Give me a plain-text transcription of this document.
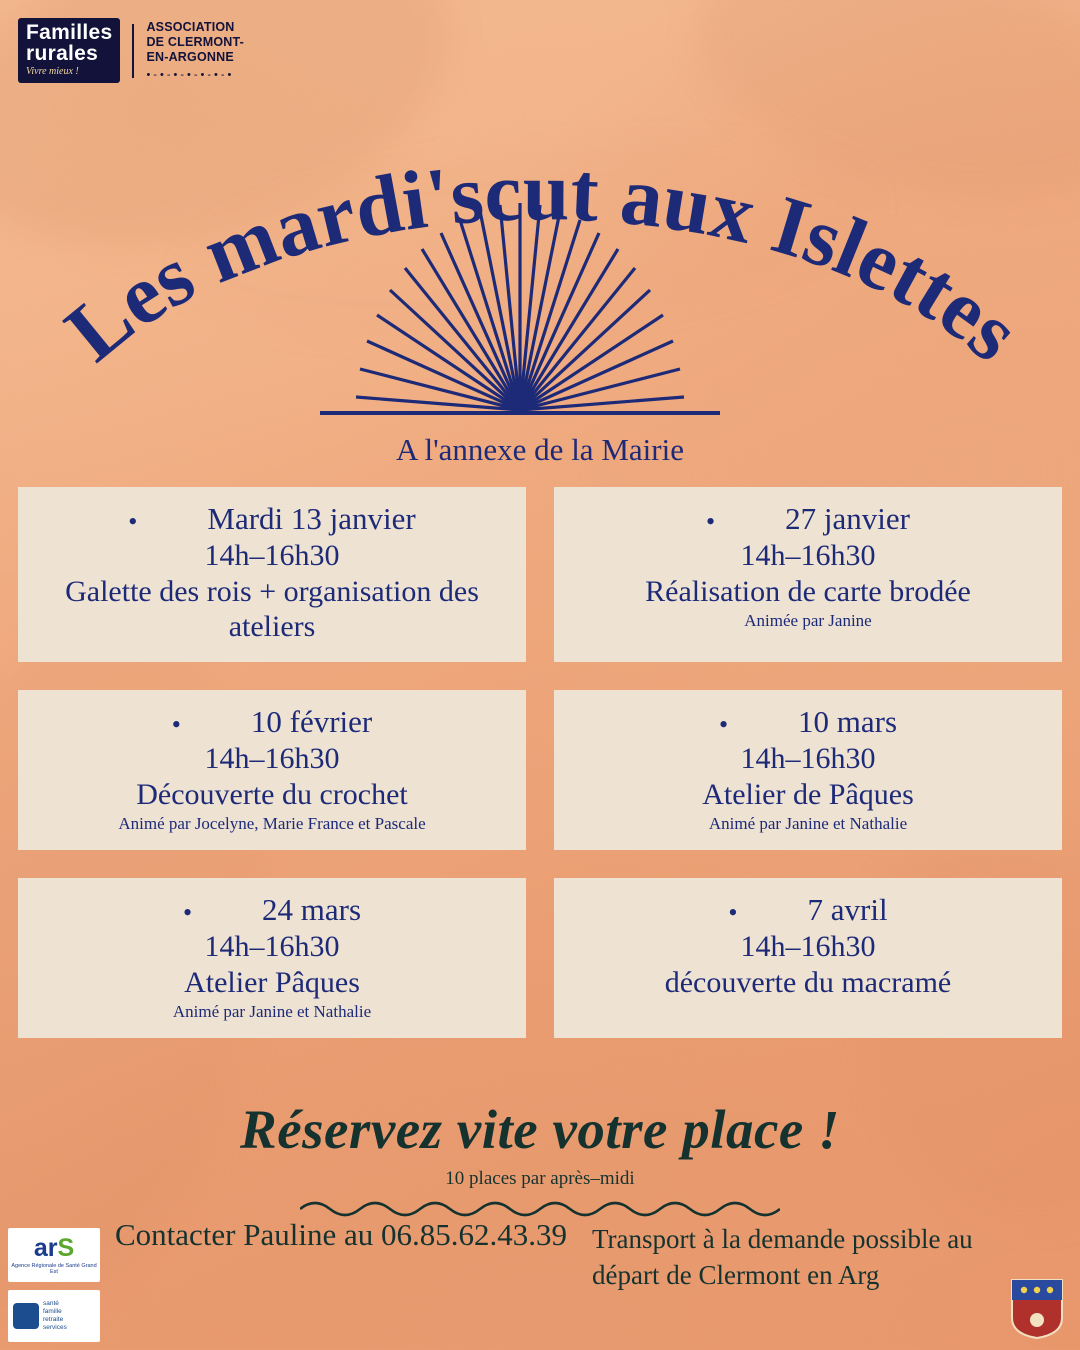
Familles
rurales
Vivre mieux !
ASSOCIATION
DE CLERMONT-
EN-ARGONNE
•-•-•-•-•-•-•
Les mardi'scut aux Islettes
A l'annexe de la Mairie
• Mardi 13 janvier
14h–16h30
Galette des rois + organisation des ateliers
• 27 janvier
14h–16h30
Réalisation de carte brodée
Animée par Janine
• 10 février
14h–16h30
Découverte du crochet
Animé par Jocelyne, Marie France et Pascale
• 10 mars
14h–16h30
Atelier de Pâques
Animé par Janine et Nathalie
• 24 mars
14h–16h30
Atelier Pâques
Animé par Janine et Nathalie
• 7 avril
14h–16h30
découverte du macramé
Réservez vite votre place !
10 places par après–midi
Contacter Pauline au 06.85.62.43.39 Transport à la demande possible au départ de Clermont en Arg
arS
Agence Régionale de Santé Grand Est
santé
famille
retraite
services
